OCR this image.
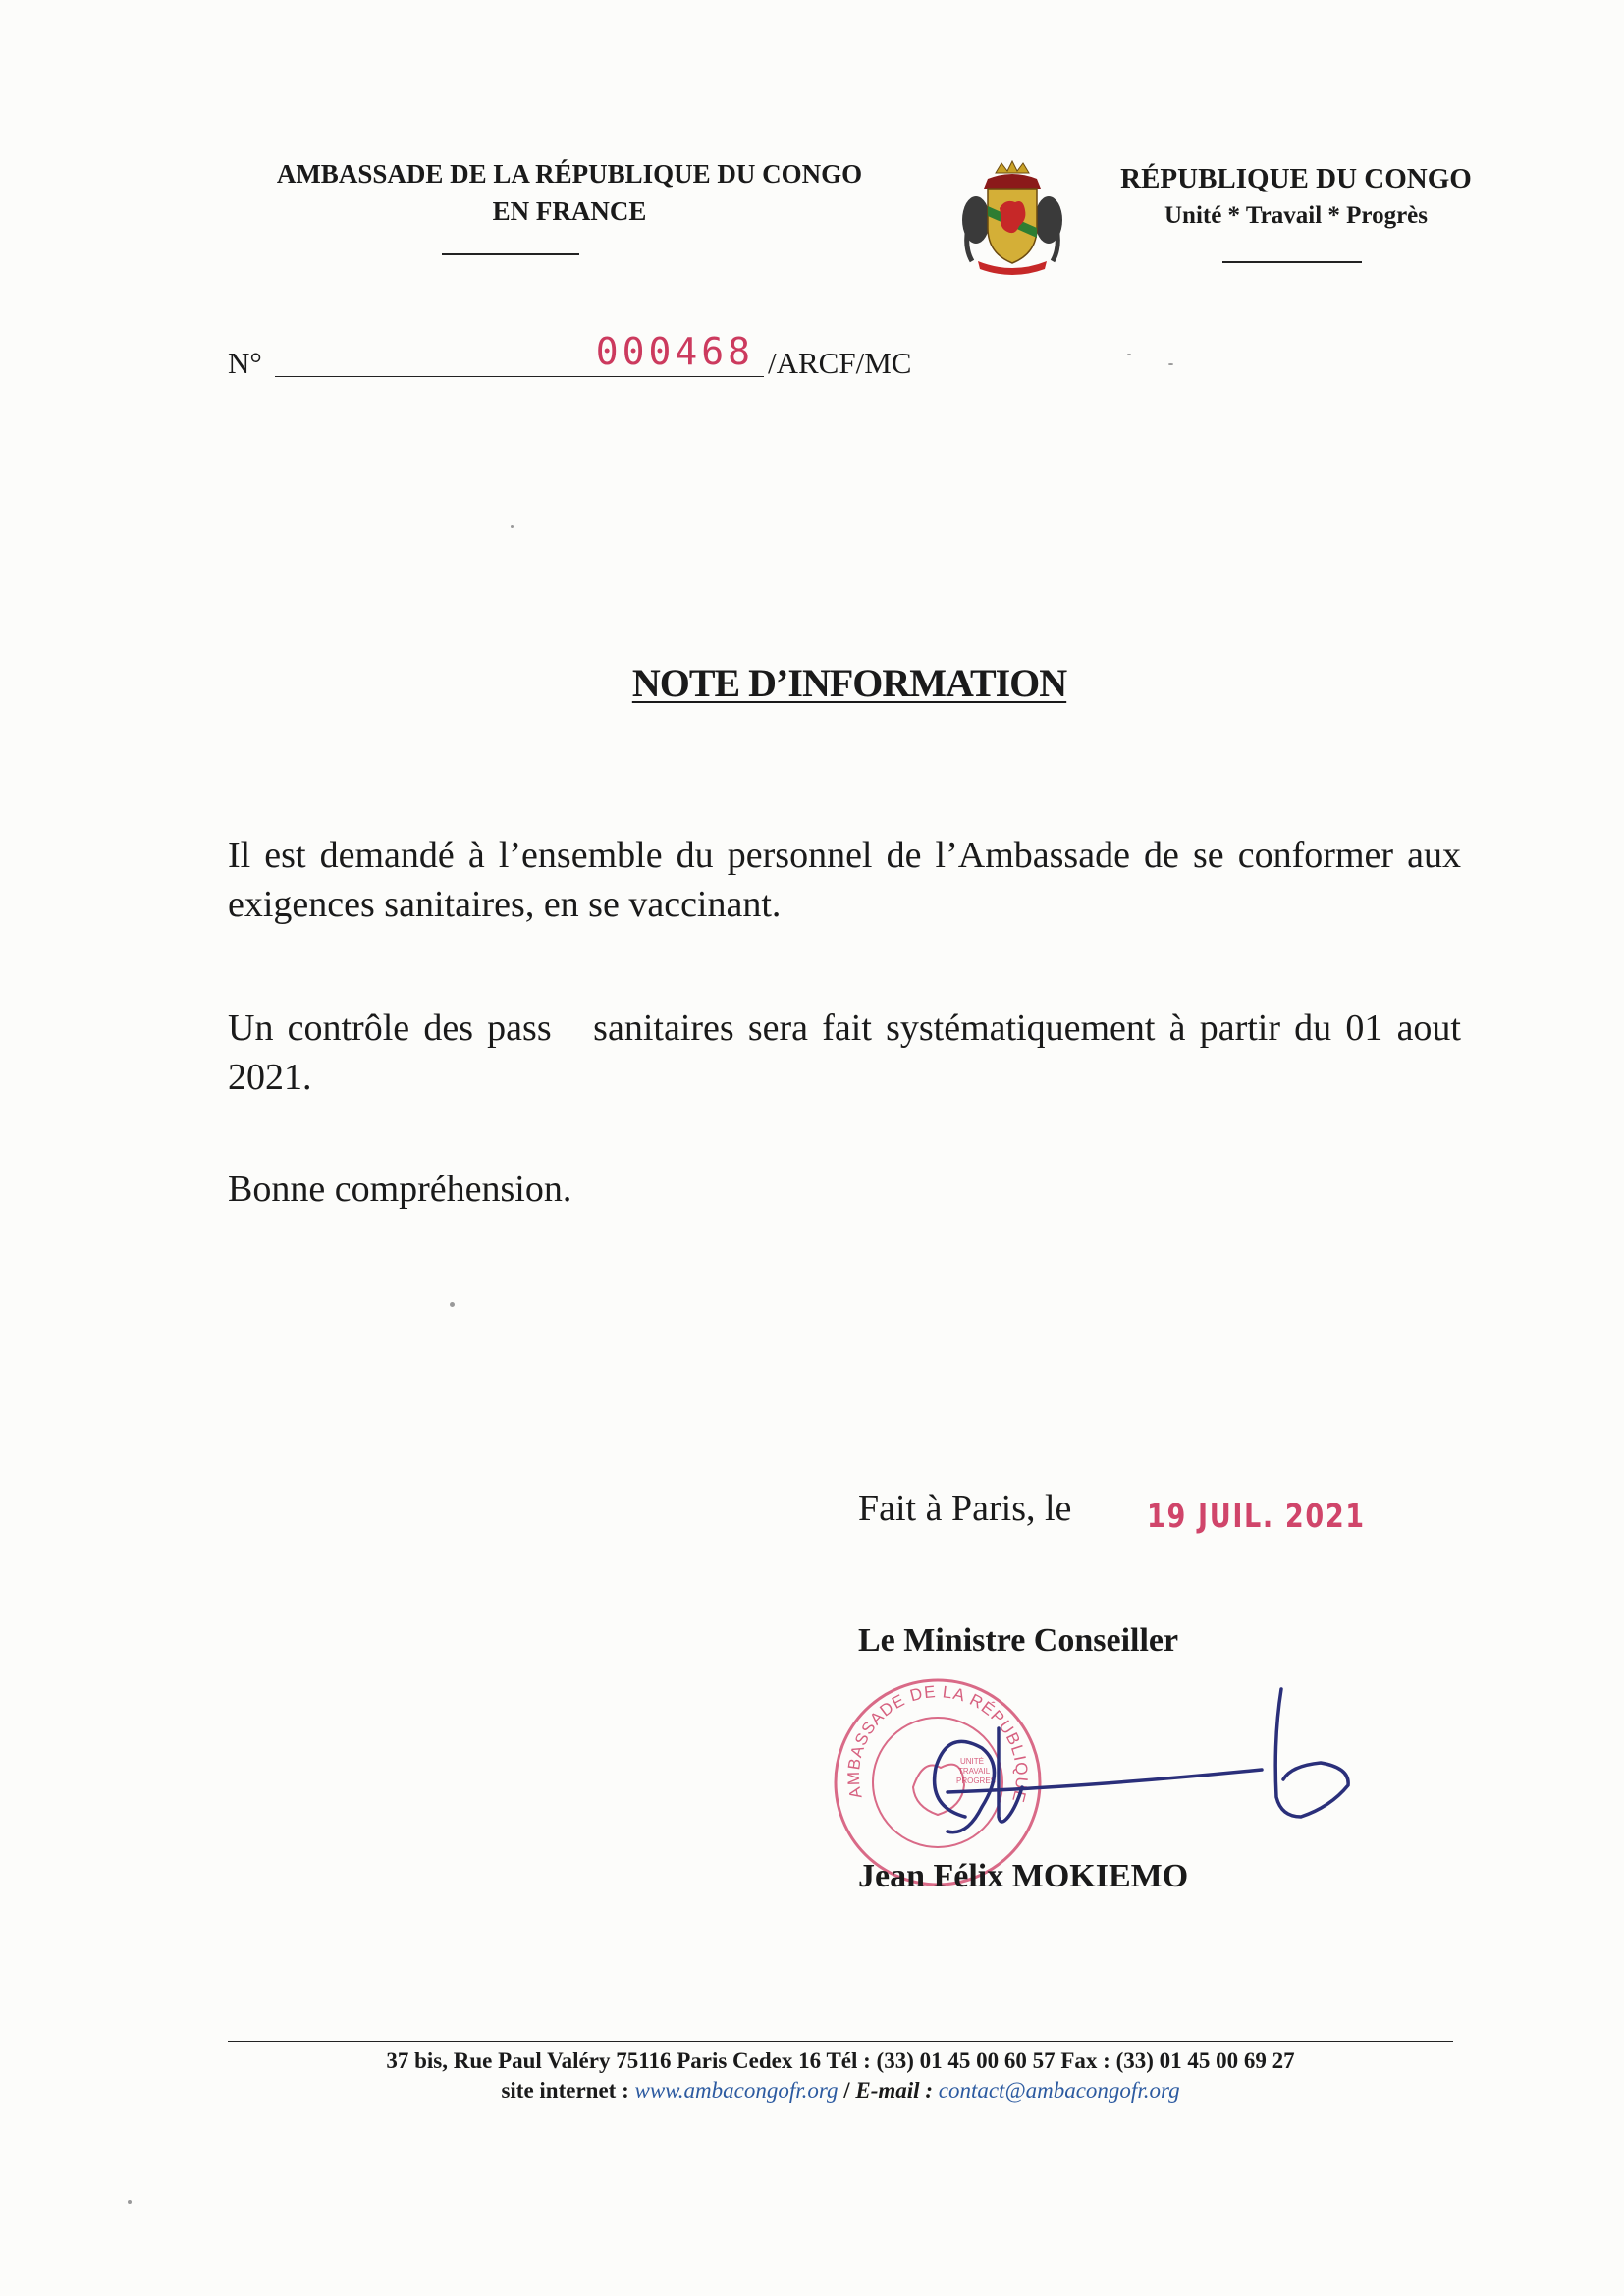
AMBASSADE DE LA RÉPUBLIQUE DU CONGO
EN FRANCE
RÉPUBLIQUE DU CONGO
Unité * Travail * Progrès
N°	000468 /ARCF/MC
NOTE D’INFORMATION
Il est demandé à l’ensemble du personnel de l’Ambassade de se conformer aux exigences sanitaires, en se vaccinant.
Un contrôle des pass   sanitaires sera fait systématiquement à partir du 01 aout 2021.
Bonne compréhension.
Fait à Paris, le 19 JUIL. 2021
Le Ministre Conseiller
AMBASSADE DE LA RÉPUBLIQUE
UNITÉ
TRAVAIL
PROGRÈS
Jean Félix MOKIEMO
37 bis, Rue Paul Valéry 75116 Paris Cedex 16 Tél : (33) 01 45 00 60 57 Fax : (33) 01 45 00 69 27
site internet : www.ambacongofr.org / E-mail : contact@ambacongofr.org
